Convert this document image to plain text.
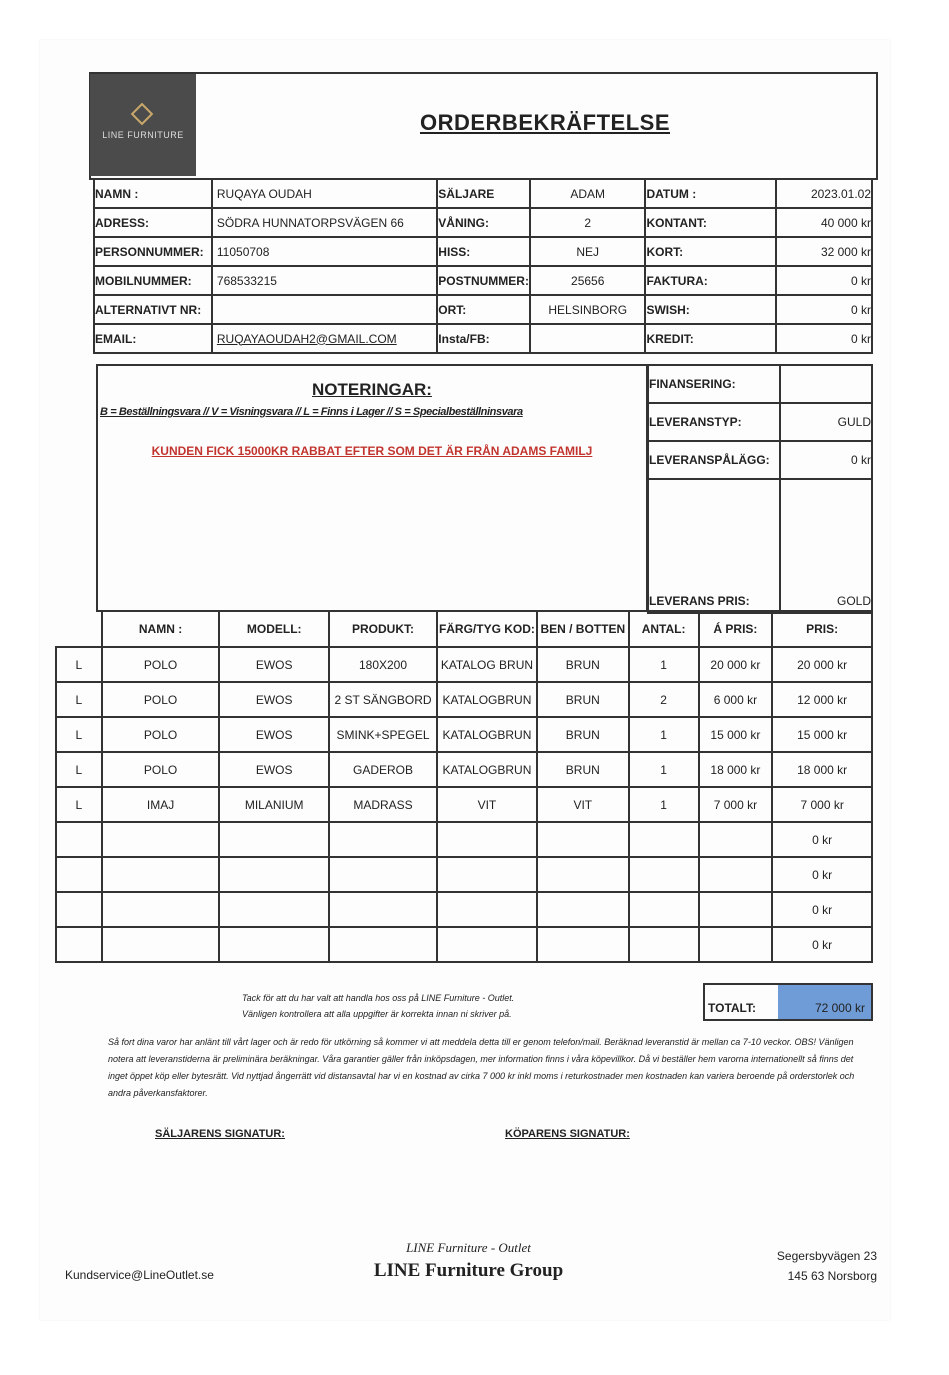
LINE FURNITURE	ORDERBEKRÄFTELSE
NAMN :	RUQAYA OUDAH	SÄLJARE	ADAM	DATUM :	2023.01.02
ADRESS:	SÖDRA HUNNATORPSVÄGEN 66	VÅNING:	2	KONTANT:	40 000 kr
PERSONNUMMER:	11050708	HISS:	NEJ	KORT:	32 000 kr
MOBILNUMMER:	768533215	POSTNUMMER:	25656	FAKTURA:	0 kr
ALTERNATIVT NR:		ORT:	HELSINBORG	SWISH:	0 kr
EMAIL:	RUQAYAOUDAH2@GMAIL.COM	Insta/FB:		KREDIT:	0 kr
NOTERINGAR:
B = Beställningsvara // V = Visningsvara // L = Finns i Lager // S = Specialbeställninsvara
KUNDEN FICK 15000KR RABBAT EFTER SOM DET ÄR FRÅN ADAMS FAMILJ
FINANSERING:	
LEVERANSTYP:	GULD
LEVERANSPÅLÄGG:	0 kr
LEVERANS PRIS:	GOLD
	NAMN :	MODELL:	PRODUKT:	FÄRG/TYG KOD:	BEN / BOTTEN	ANTAL:	Á PRIS:	PRIS:
L	POLO	EWOS	180X200	KATALOG BRUN	BRUN	1	20 000 kr	20 000 kr
L	POLO	EWOS	2 ST SÄNGBORD	KATALOGBRUN	BRUN	2	6 000 kr	12 000 kr
L	POLO	EWOS	SMINK+SPEGEL	KATALOGBRUN	BRUN	1	15 000 kr	15 000 kr
L	POLO	EWOS	GADEROB	KATALOGBRUN	BRUN	1	18 000 kr	18 000 kr
L	IMAJ	MILANIUM	MADRASS	VIT	VIT	1	7 000 kr	7 000 kr
								0 kr
								0 kr
								0 kr
								0 kr
TOTALT:	72 000 kr
Tack för att du har valt att handla hos oss på LINE Furniture - Outlet.
Vänligen kontrollera att alla uppgifter är korrekta innan ni skriver på.
Så fort dina varor har anlänt till vårt lager och är redo för utkörning så kommer vi att meddela detta till er genom telefon/mail. Beräknad leveranstid är mellan ca 7-10 veckor. OBS! Vänligen notera att leveranstiderna är preliminära beräkningar. Våra garantier gäller från inköpsdagen, mer information finns i våra köpevillkor. Då vi beställer hem varorna internationellt så finns det inget öppet köp eller bytesrätt. Vid nyttjad ångerrätt vid distansavtal har vi en kostnad av cirka 7 000 kr inkl moms i returkostnader men kostnaden kan variera beroende på orderstorlek och andra påverkansfaktorer.
SÄLJARENS SIGNATUR:	KÖPARENS SIGNATUR:
Kundservice@LineOutlet.se
LINE Furniture - Outlet
LINE Furniture Group
Segersbyvägen 23
145 63 Norsborg
